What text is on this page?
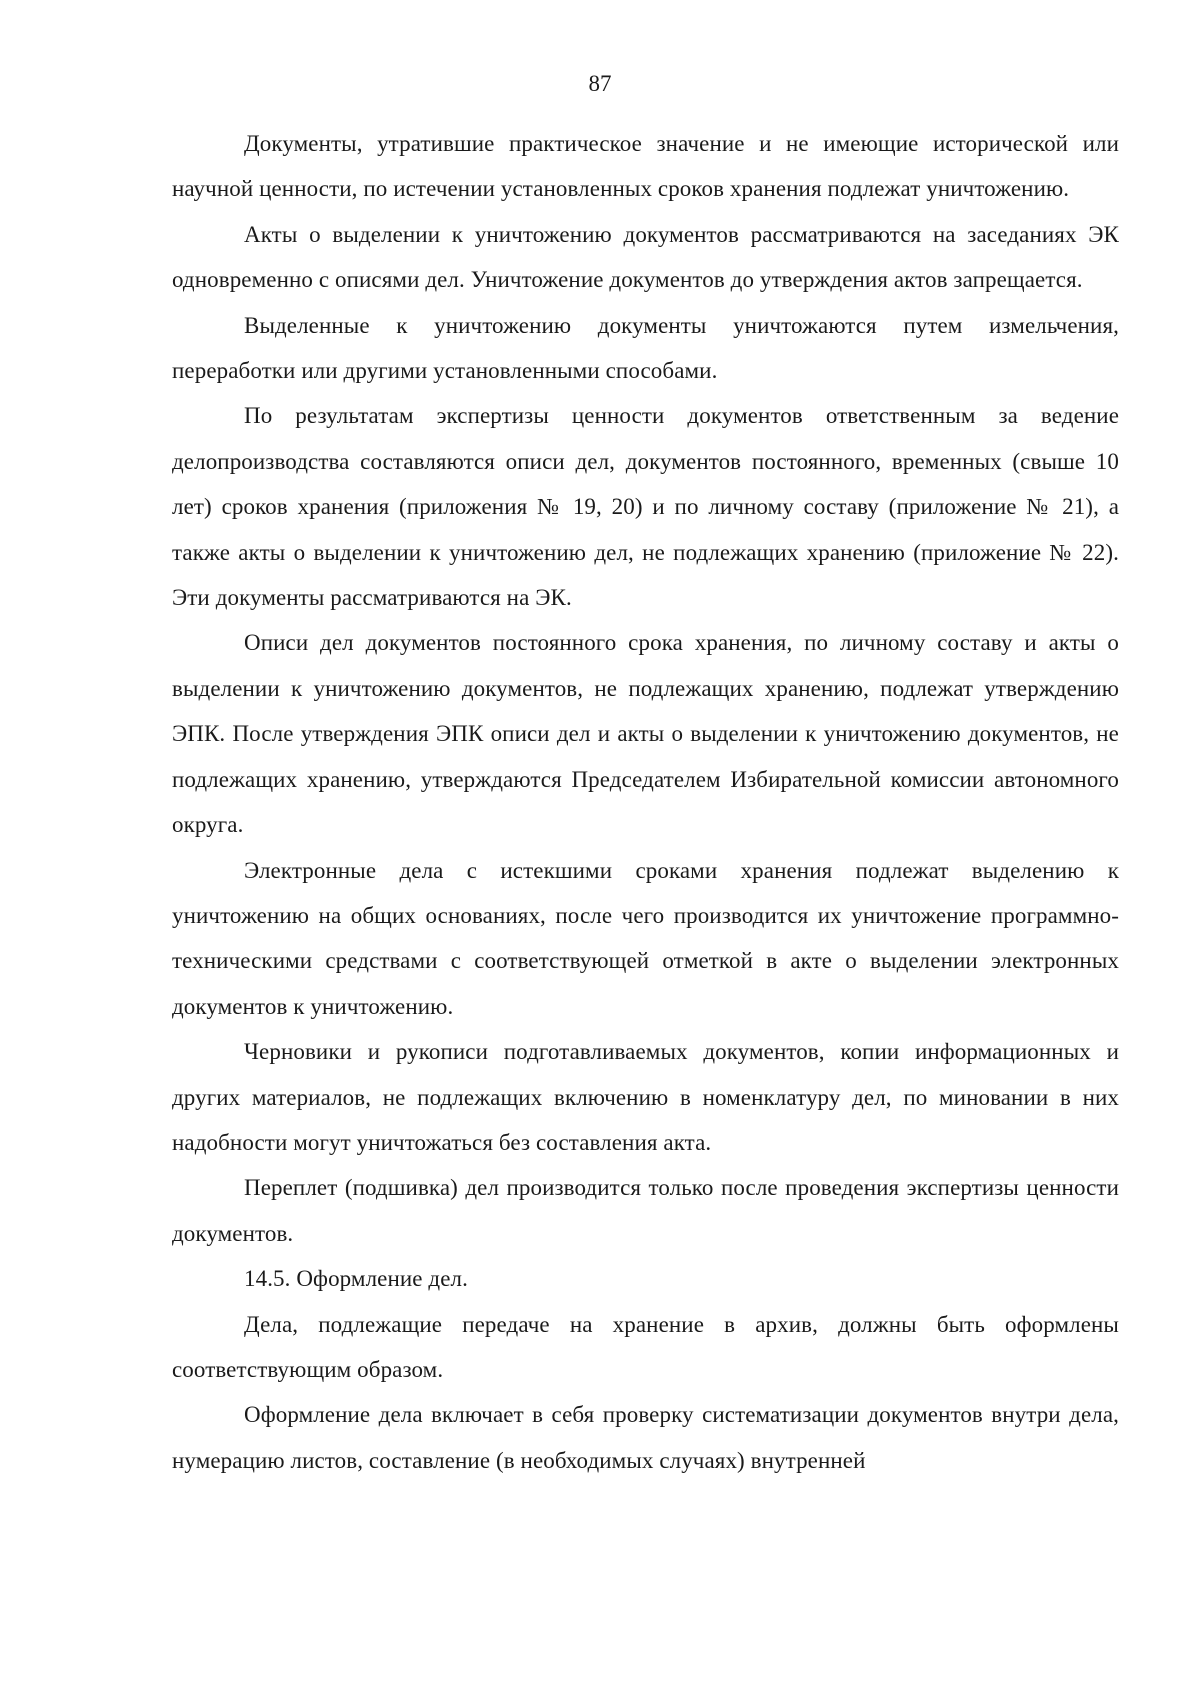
87

Документы, утратившие практическое значение и не имеющие исторической или научной ценности, по истечении установленных сроков хранения подлежат уничтожению.

Акты о выделении к уничтожению документов рассматриваются на заседаниях ЭК одновременно с описями дел. Уничтожение документов до утверждения актов запрещается.

Выделенные к уничтожению документы уничтожаются путем измельчения, переработки или другими установленными способами.

По результатам экспертизы ценности документов ответственным за ведение делопроизводства составляются описи дел, документов постоянного, временных (свыше 10 лет) сроков хранения (приложения № 19, 20) и по личному составу (приложение № 21), а также акты о выделении к уничтожению дел, не подлежащих хранению (приложение № 22). Эти документы рассматриваются на ЭК.

Описи дел документов постоянного срока хранения, по личному составу и акты о выделении к уничтожению документов, не подлежащих хранению, подлежат утверждению ЭПК. После утверждения ЭПК описи дел и акты о выделении к уничтожению документов, не подлежащих хранению, утверждаются Председателем Избирательной комиссии автономного округа.

Электронные дела с истекшими сроками хранения подлежат выделению к уничтожению на общих основаниях, после чего производится их уничтожение программно-техническими средствами с соответствующей отметкой в акте о выделении электронных документов к уничтожению.

Черновики и рукописи подготавливаемых документов, копии информационных и других материалов, не подлежащих включению в номенклатуру дел, по миновании в них надобности могут уничтожаться без составления акта.

Переплет (подшивка) дел производится только после проведения экспертизы ценности документов.

14.5. Оформление дел.

Дела, подлежащие передаче на хранение в архив, должны быть оформлены соответствующим образом.

Оформление дела включает в себя проверку систематизации документов внутри дела, нумерацию листов, составление (в необходимых случаях) внутренней
